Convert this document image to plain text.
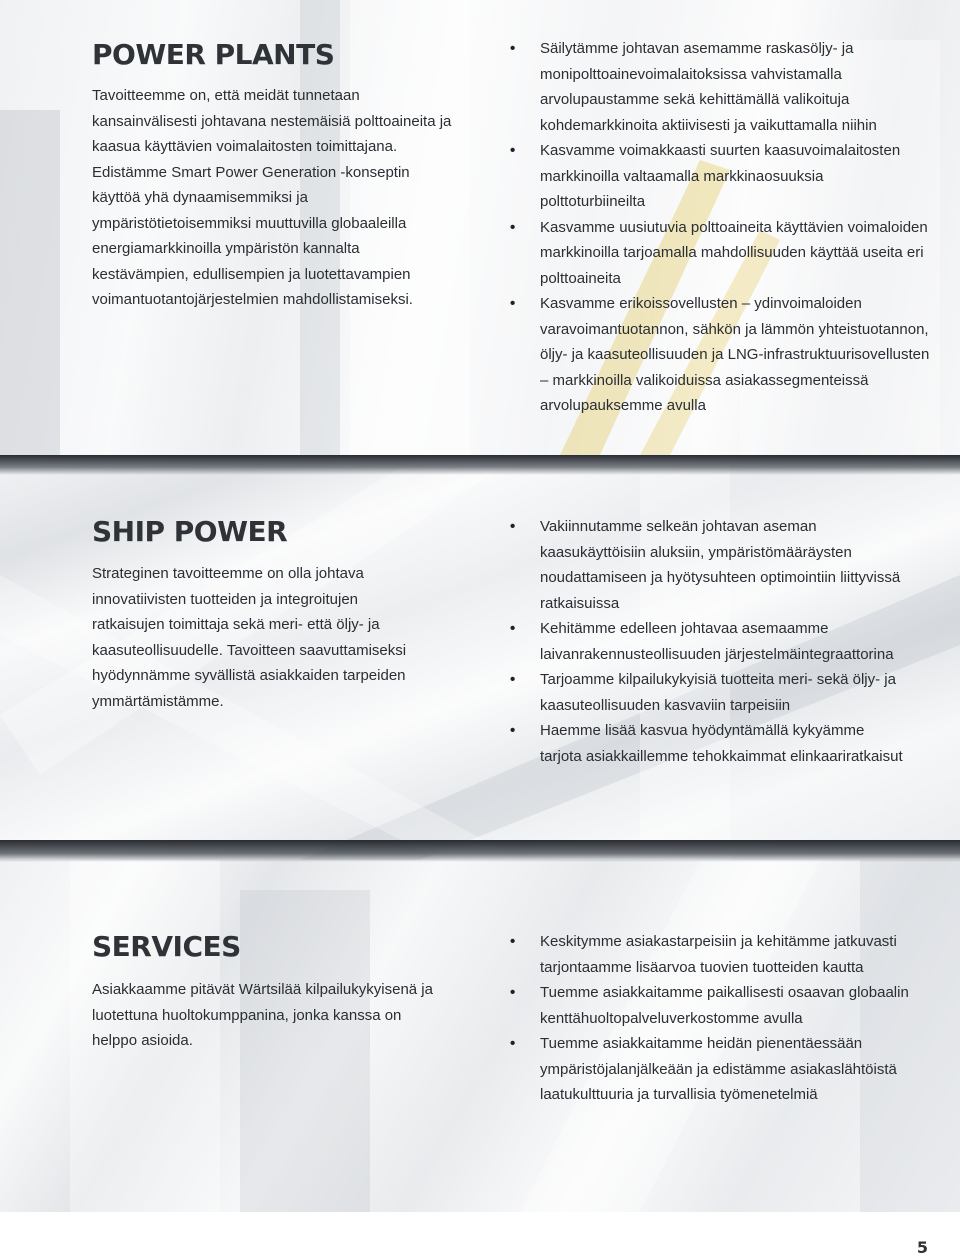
POWER PLANTS

Tavoitteemme on, että meidät tunnetaan kansainvälisesti johtavana nestemäisiä polttoaineita ja kaasua käyttävien voimalaitosten toimittajana. Edistämme Smart Power Generation -konseptin käyttöä yhä dynaamisemmiksi ja ympäristötietoisemmiksi muuttuvilla globaaleilla energiamarkkinoilla ympäristön kannalta kestävämpien, edullisempien ja luotettavampien voimantuotantojärjestelmien mahdollistamiseksi.

• Säilytämme johtavan asemamme raskasöljy- ja monipolttoainevoimalaitoksissa vahvistamalla arvolupaustamme sekä kehittämällä valikoituja kohdemarkkinoita aktiivisesti ja vaikuttamalla niihin
• Kasvamme voimakkaasti suurten kaasuvoimalaitosten markkinoilla valtaamalla markkinaosuuksia polttoturbiineilta
• Kasvamme uusiutuvia polttoaineita käyttävien voimaloiden markkinoilla tarjoamalla mahdollisuuden käyttää useita eri polttoaineita
• Kasvamme erikoissovellusten – ydinvoimaloiden varavoimantuotannon, sähkön ja lämmön yhteistuotannon, öljy- ja kaasuteollisuuden ja LNG-infrastruktuurisovellusten – markkinoilla valikoiduissa asiakassegmenteissä arvolupauksemme avulla
SHIP POWER

Strateginen tavoitteemme on olla johtava innovatiivisten tuotteiden ja integroitujen ratkaisujen toimittaja sekä meri- että öljy- ja kaasuteollisuudelle. Tavoitteen saavuttamiseksi hyödynnämme syvällistä asiakkaiden tarpeiden ymmärtämistämme.

• Vakiinnutamme selkeän johtavan aseman kaasukäyttöisiin aluksiin, ympäristömääräysten noudattamiseen ja hyötysuhteen optimointiin liittyvissä ratkaisuissa
• Kehitämme edelleen johtavaa asemaamme laivanrakennusteollisuuden järjestelmäintegraattorina
• Tarjoamme kilpailukykyisiä tuotteita meri- sekä öljy- ja kaasuteollisuuden kasvaviin tarpeisiin
• Haemme lisää kasvua hyödyntämällä kykyämme tarjota asiakkaillemme tehokkaimmat elinkaariratkaisut
SERVICES

Asiakkaamme pitävät Wärtsilää kilpailukykyisenä ja luotettuna huoltokumppanina, jonka kanssa on helppo asioida.

• Keskitymme asiakastarpeisiin ja kehitämme jatkuvasti tarjontaamme lisäarvoa tuovien tuotteiden kautta
• Tuemme asiakkaitamme paikallisesti osaavan globaalin kenttähuoltopalveluverkostomme avulla
• Tuemme asiakkaitamme heidän pienentäessään ympäristöjalanjälkeään ja edistämme asiakaslähtöistä laatukulttuuria ja turvallisia työmenetelmiä

5
